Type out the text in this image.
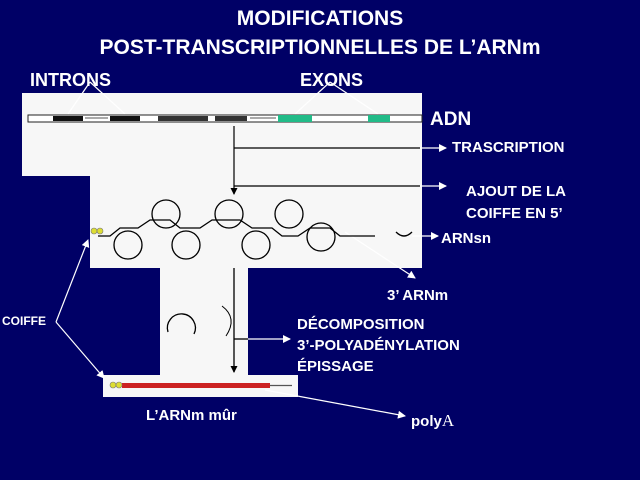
MODIFICATIONS
POST-TRANSCRIPTIONNELLES DE L’ARNm
INTRONS	EXONS
ADN
TRASCRIPTION
AJOUT DE LA
COIFFE EN 5’
ARNsn
3’ ARNm
DÉCOMPOSITION
3’-POLYADÉNYLATION
ÉPISSAGE
COIFFE
L’ARNm mûr	polyA
